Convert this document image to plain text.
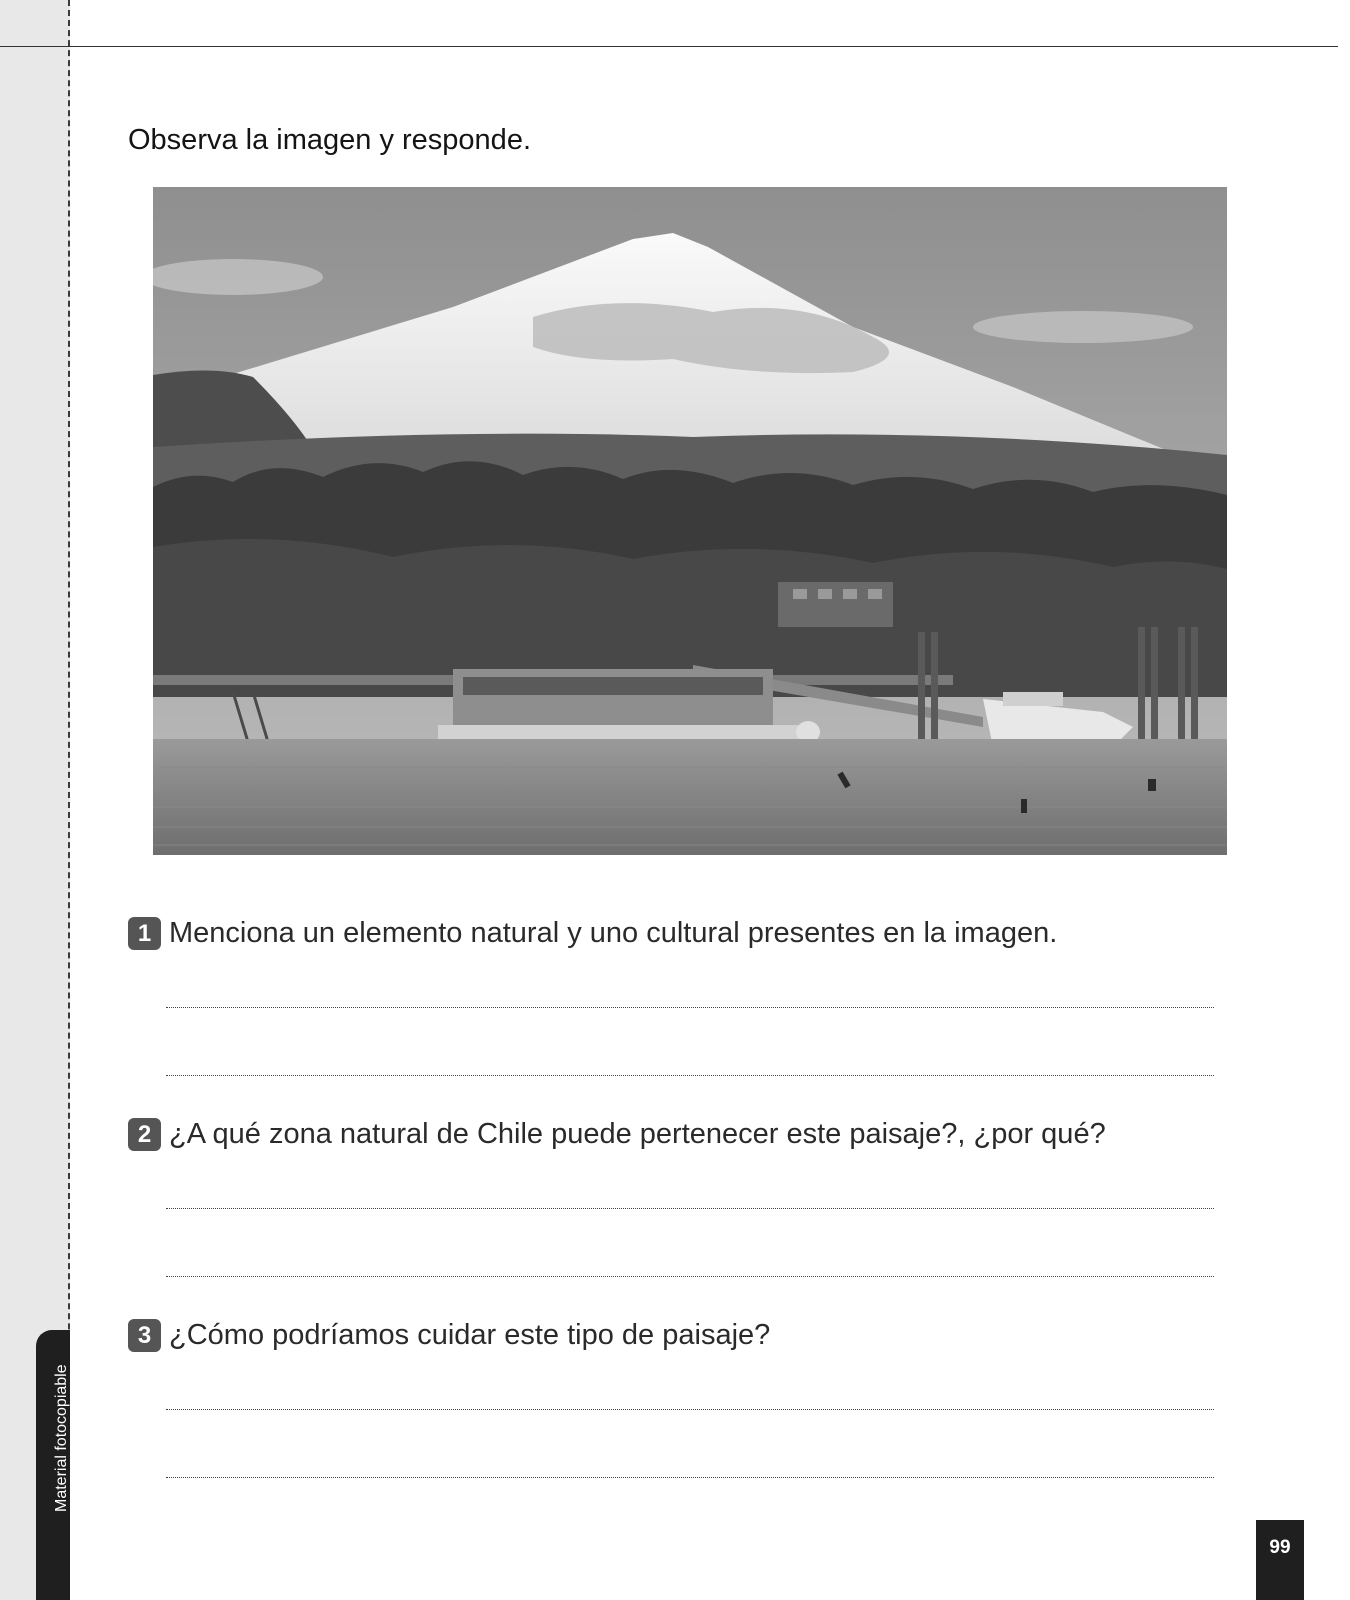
Observa la imagen y responde.
1 Menciona un elemento natural y uno cultural presentes en la imagen.
2 ¿A qué zona natural de Chile puede pertenecer este paisaje?, ¿por qué?
3 ¿Cómo podríamos cuidar este tipo de paisaje?
Material fotocopiable
99
